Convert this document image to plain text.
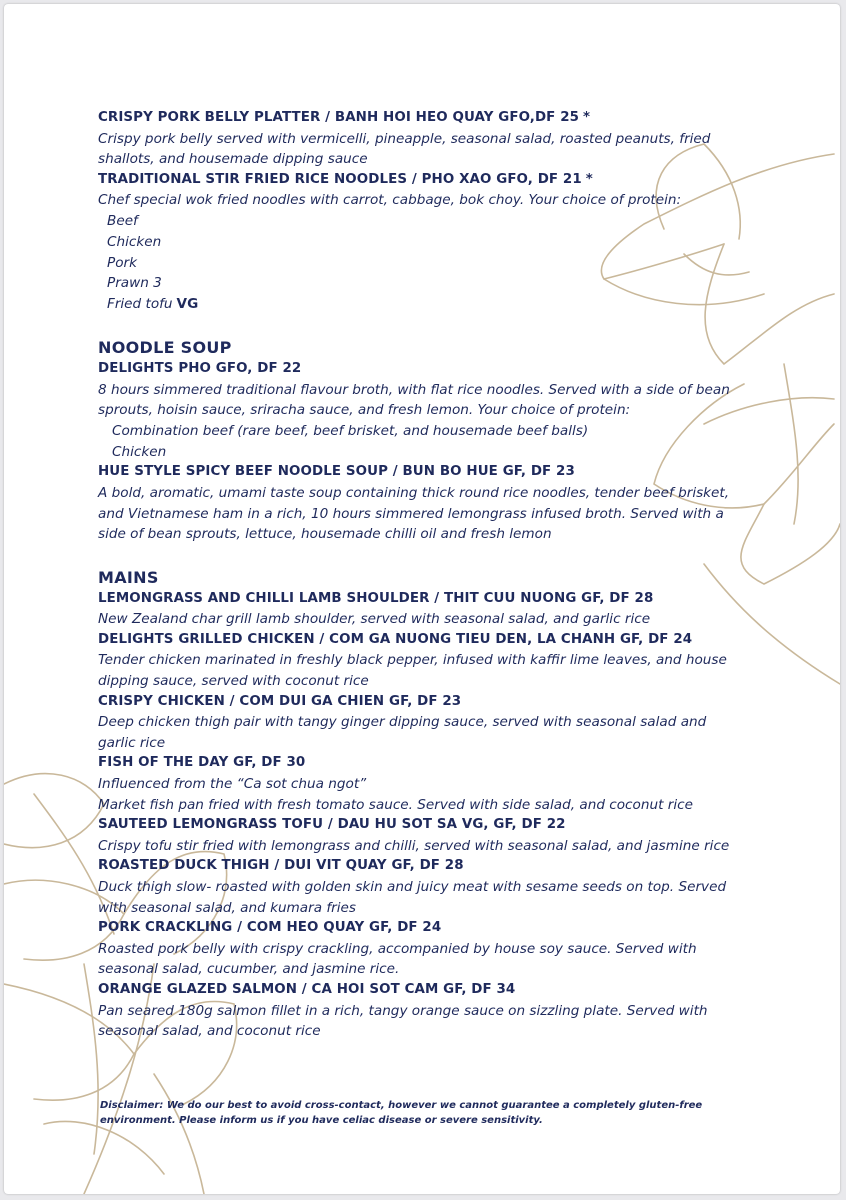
CRISPY PORK BELLY PLATTER / BANH HOI HEO QUAY GFO,DF 25 *
Crispy pork belly served with vermicelli, pineapple, seasonal salad, roasted peanuts, fried shallots, and housemade dipping sauce
TRADITIONAL STIR FRIED RICE NOODLES / PHO XAO GFO, DF 21 *
Chef special wok fried noodles with carrot, cabbage, bok choy. Your choice of protein:
Beef
Chicken
Pork
Prawn 3
Fried tofu VG
NOODLE SOUP
DELIGHTS PHO GFO, DF 22
8 hours simmered traditional flavour broth, with flat rice noodles. Served with a side of bean sprouts, hoisin sauce, sriracha sauce, and fresh lemon. Your choice of protein:
Combination beef (rare beef, beef brisket, and housemade beef balls)
Chicken
HUE STYLE SPICY BEEF NOODLE SOUP / BUN BO HUE GF, DF 23
A bold, aromatic, umami taste soup containing thick round rice noodles, tender beef brisket, and Vietnamese ham in a rich, 10 hours simmered lemongrass infused broth. Served with a side of bean sprouts, lettuce, housemade chilli oil and fresh lemon
MAINS
LEMONGRASS AND CHILLI LAMB SHOULDER / THIT CUU NUONG GF, DF 28
New Zealand char grill lamb shoulder, served with seasonal salad, and garlic rice
DELIGHTS GRILLED CHICKEN / COM GA NUONG TIEU DEN, LA CHANH GF, DF 24
Tender chicken marinated in freshly black pepper, infused with kaffir lime leaves, and house dipping sauce, served with coconut rice
CRISPY CHICKEN / COM DUI GA CHIEN GF, DF 23
Deep chicken thigh pair with tangy ginger dipping sauce, served with seasonal salad and garlic rice
FISH OF THE DAY GF, DF 30
Influenced from the “Ca sot chua ngot”
Market fish pan fried with fresh tomato sauce. Served with side salad, and coconut rice
SAUTEED LEMONGRASS TOFU / DAU HU SOT SA VG, GF, DF 22
Crispy tofu stir fried with lemongrass and chilli, served with seasonal salad, and jasmine rice
ROASTED DUCK THIGH / DUI VIT QUAY GF, DF 28
Duck thigh slow- roasted with golden skin and juicy meat with sesame seeds on top. Served with seasonal salad, and kumara fries
PORK CRACKLING / COM HEO QUAY GF, DF 24
Roasted pork belly with crispy crackling, accompanied by house soy sauce. Served with seasonal salad, cucumber, and jasmine rice.
ORANGE GLAZED SALMON / CA HOI SOT CAM GF, DF 34
Pan seared 180g salmon fillet in a rich, tangy orange sauce on sizzling plate. Served with seasonal salad, and coconut rice
Disclaimer: We do our best to avoid cross-contact, however we cannot guarantee a completely gluten-free environment. Please inform us if you have celiac disease or severe sensitivity.
